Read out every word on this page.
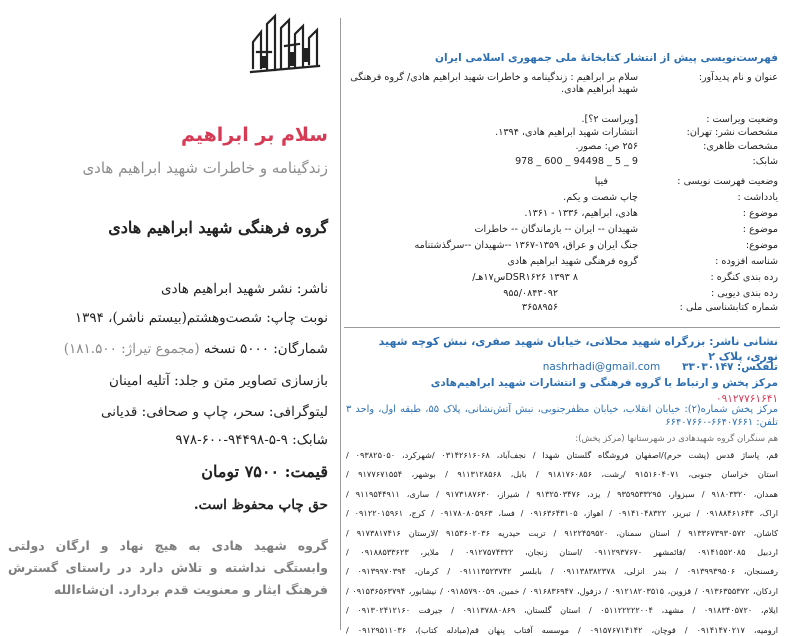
سلام بر ابراهیم
زندگینامه و خاطرات شهید ابراهیم هادی
گروه فرهنگی شهید ابراهیم هادی
ناشر: نشر شهید ابراهیم هادی
نوبت چاپ: شصت‌وهشتم(بیستم ناشر)، ۱۳۹۴
شمارگان: ۵۰۰۰ نسخه (مجموع تیراژ: ۱۸۱.۵۰۰)
بازسازی تصاویر متن و جلد: آتلیه امینان
لیتوگرافی: سحر، چاپ و صحافی: قدیانی
شابک: ۹-۵-۹۴۴۹۸-۶۰۰-۹۷۸
قیمت: ۷۵۰۰ تومان
حق چاپ محفوظ است.
گروه شهید هادی به هیچ نهاد و ارگان دولتی وابستگی نداشته و تلاش دارد در راستای گسترش فرهنگ ایثار و معنویت قدم بردارد. ان‌شاءالله
فهرست‌نویسی پیش از انتشار کتابخانهٔ ملی جمهوری اسلامی ایران
عنوان و نام پدیدآور:
سلام بر ابراهیم : زندگینامه و خاطرات شهید ابراهیم هادی/ گروه فرهنگی شهید ابراهیم هادی.
وضعیت ویراست :
[ویراست ۲؟].
مشخصات نشر: تهران:
انتشارات شهید ابراهیم هادی، ۱۳۹۴.
مشخصات ظاهری:
۲۵۶ ص: مصور.
شابک:
978 _ 600 _ 94498 _ 5 _ 9
وضعیت فهرست نویسی :
فیپا
یادداشت :
چاپ شصت و یکم.
موضوع :
هادی، ابراهیم، ۱۳۳۶ - ۱۳۶۱.
موضوع :
شهیدان -- ایران -- بازماندگان -- خاطرات
موضوع:
جنگ ایران و عراق، ۱۳۵۹-۱۳۶۷ --شهیدان --سرگذشتنامه
شناسه افزوده :
گروه فرهنگی شهید ابراهیم هادی
رده بندی کنگره :
DSR۱۶۲۶ ۱۳۹۳ ۸س۱۷هـ/
رده بندی دیویی :
۹۵۵/۰۸۴۳۰۹۲
شماره کتابشناسی ملی :
۳۶۵۸۹۵۶
نشانی ناشر: بزرگراه شهید محلاتی، خیابان شهید صفری، نبش کوچه شهید نوری، پلاک ۲
تلفکس: ۳۳۰۳۰۱۴۷      nashrhadi@gmail.com
مرکز پخش و ارتباط با گروه فرهنگی و انتشارات شهید ابراهیم‌هادی
۰۹۱۲۷۷۶۱۶۴۱
مرکز پخش شماره(۲): خیابان انقلاب، خیابان مظفرجنوبی، نبش آتش‌نشانی، پلاک ۵۵، طبقه اول، واحد ۳ تلفن: ۶۶۴۰۷۶۶۱-۶۶۴۰۷۶۶۰
هم سنگران گروه شهیدهادی در شهرستانها (مرکز پخش):
قم، پاساژ قدس (پشت حرم)/اصفهان فروشگاه گلستان شهدا / نجف‌آباد، ۰۳۱۴۲۶۱۶۰۶۸ /شهرکرد، ۰۹۳۸۲۵۰۵۰ /
استان خراسان جنوبی، ۹۱۵۱۶۰۴۰۷۱ /رشت، ۹۱۸۱۷۶۰۸۵۶ / بابل، ۹۱۱۳۱۲۸۵۶۸ / بوشهر، ۹۱۷۷۶۷۱۵۵۴ /
همدان، ۹۱۸۰۳۳۲۰ / سبزوار، ۹۳۵۹۵۳۳۲۹۵ / یزد، ۹۱۳۲۵۰۳۴۷۶ / شیراز، ۹۱۷۳۱۸۷۶۳۰ / ساری، ۹۱۱۹۵۴۴۹۱۱ /
اراک، ۰۹۱۸۸۴۶۱۶۴۳ / تبریز، ۰۹۱۴۱۰۴۸۳۲۲ / اهواز، ۰۹۱۶۳۶۴۳۱۰۵ / فسا، ۰۹۱۷۸۰۸۰۵۹۶۳ / کرج، ۰۹۱۲۲۰۱۵۹۶۱ /
کاشان، ۹۱۳۳۶۷۳۹۳۰۵۷۲ / استان سمنان، ۹۱۲۲۴۵۹۵۲۰ / تربت حیدریه ۹۱۵۳۶۰۲۰۳۶ /لارستان ۹۱۷۳۸۱۷۴۱۶ /
اردبیل ۰۹۱۴۱۵۵۲۰۸۵ /قائمشهر ۰۹۱۱۲۹۳۷۶۷۰ /استان زنجان، ۰۹۱۲۷۵۷۴۳۲۲ / ملایر، ۰۹۱۸۸۵۳۳۶۲۳ /
رفسنجان، ۰۹۱۳۹۹۳۹۵۰۶ / بندر انزلی، ۰۹۱۱۳۸۳۸۲۳۷۸ / بابلسر ۰۹۱۱۱۳۵۲۳۷۴۲ / کرمان، ۰۹۱۳۹۹۷۰۳۹۴ /
اردکان، ۰۹۱۳۶۳۵۵۳۷۲ / قزوین، ۰۹۱۲۱۸۲۰۳۵۱۵ / دزفول، ۰۹۱۶۸۳۶۹۴۷ / خمین، ۰۹۱۸۵۷۹۰۰۵۹ / نیشابور، ۰۹۱۵۳۶۵۶۳۷۹۴ /
ایلام، ۰۹۱۸۳۴۰۵۷۲۰ / مشهد، ۰۵۱۱۲۲۲۲۲۰۰۴ / استان گلستان، ۰۹۱۱۳۷۸۸۰۸۶۹ / جیرفت ۰۹۱۳۰۲۴۱۲۱۶۰ /
ارومیه، ۰۹۱۴۱۴۷۰۲۱۷ / قوچان، ۰۹۱۵۷۶۷۱۴۱۴۲ / موسسه آفتاب پنهان قم(مبادله کتاب)، ۰۹۱۲۹۵۱۱۰۳۶ /
